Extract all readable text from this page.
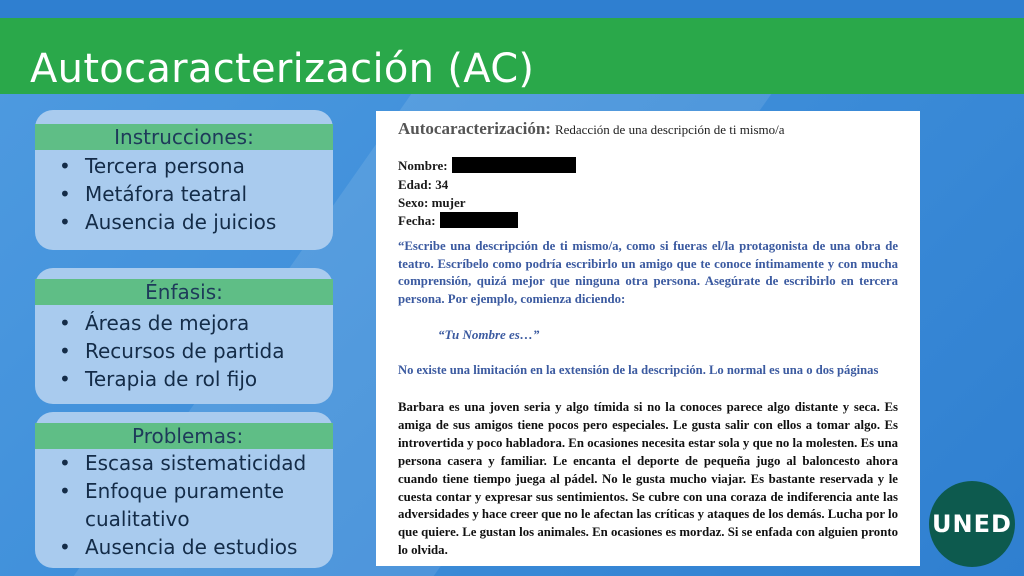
Autocaracterización (AC)
Instrucciones:
• Tercera persona
• Metáfora teatral
• Ausencia de juicios
Énfasis:
• Áreas de mejora
• Recursos de partida
• Terapia de rol fijo
Problemas:
• Escasa sistematicidad
• Enfoque puramente cualitativo
• Ausencia de estudios
Autocaracterización: Redacción de una descripción de ti mismo/a
Nombre:
Edad: 34
Sexo: mujer
Fecha:
“Escribe una descripción de ti mismo/a, como si fueras el/la protagonista de una obra de teatro. Escríbelo como podría escribirlo un amigo que te conoce íntimamente y con mucha comprensión, quizá mejor que ninguna otra persona. Asegúrate de escribirlo en tercera persona. Por ejemplo, comienza diciendo:
“Tu Nombre es…”
No existe una limitación en la extensión de la descripción. Lo normal es una o dos páginas
Barbara es una joven seria y algo tímida si no la conoces parece algo distante y seca. Es amiga de sus amigos tiene pocos pero especiales. Le gusta salir con ellos a tomar algo. Es introvertida y poco habladora. En ocasiones necesita estar sola y que no la molesten. Es una persona casera y familiar. Le encanta el deporte de pequeña jugo al baloncesto ahora cuando tiene tiempo juega al pádel. No le gusta mucho viajar. Es bastante reservada y le cuesta contar y expresar sus sentimientos. Se cubre con una coraza de indiferencia ante las adversidades y hace creer que no le afectan las críticas y ataques de los demás. Lucha por lo que quiere. Le gustan los animales. En ocasiones es mordaz. Si se enfada con alguien pronto lo olvida.
UNED
